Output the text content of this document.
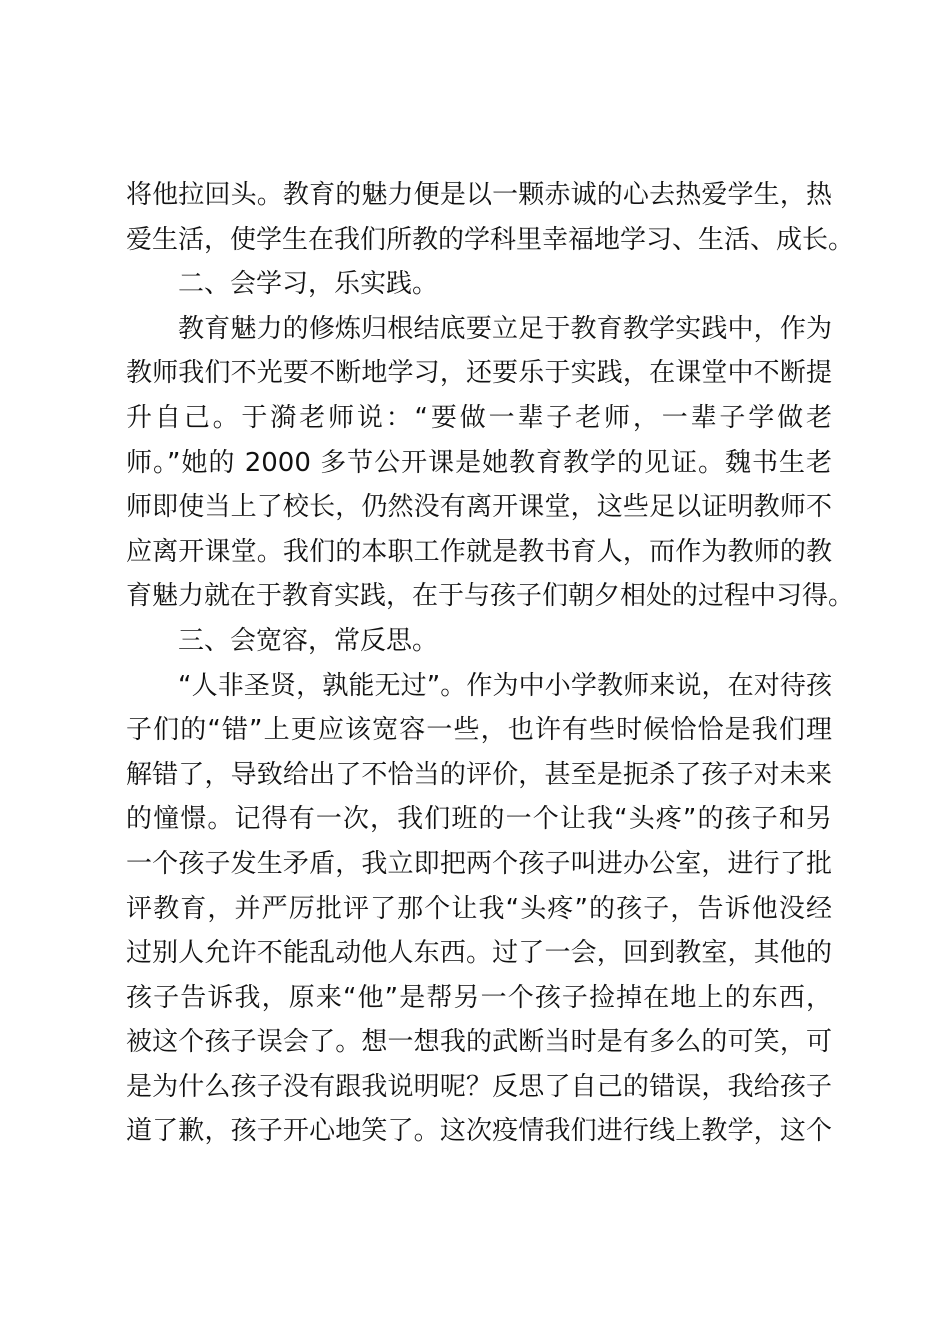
将他拉回头。教育的魅力便是以一颗赤诚的心去热爱学生，热
爱生活，使学生在我们所教的学科里幸福地学习、生活、成长。
二、会学习，乐实践。
教育魅力的修炼归根结底要立足于教育教学实践中，作为
教师我们不光要不断地学习，还要乐于实践，在课堂中不断提
升自己。于漪老师说：“要做一辈子老师，一辈子学做老
师。”她的 2000 多节公开课是她教育教学的见证。魏书生老
师即使当上了校长，仍然没有离开课堂，这些足以证明教师不
应离开课堂。我们的本职工作就是教书育人，而作为教师的教
育魅力就在于教育实践，在于与孩子们朝夕相处的过程中习得。
三、会宽容，常反思。
“人非圣贤，孰能无过”。作为中小学教师来说，在对待孩
子们的“错”上更应该宽容一些，也许有些时候恰恰是我们理
解错了，导致给出了不恰当的评价，甚至是扼杀了孩子对未来
的憧憬。记得有一次，我们班的一个让我“头疼”的孩子和另
一个孩子发生矛盾，我立即把两个孩子叫进办公室，进行了批
评教育，并严厉批评了那个让我“头疼”的孩子，告诉他没经
过别人允许不能乱动他人东西。过了一会，回到教室，其他的
孩子告诉我，原来“他”是帮另一个孩子捡掉在地上的东西，
被这个孩子误会了。想一想我的武断当时是有多么的可笑，可
是为什么孩子没有跟我说明呢？反思了自己的错误，我给孩子
道了歉，孩子开心地笑了。这次疫情我们进行线上教学，这个
